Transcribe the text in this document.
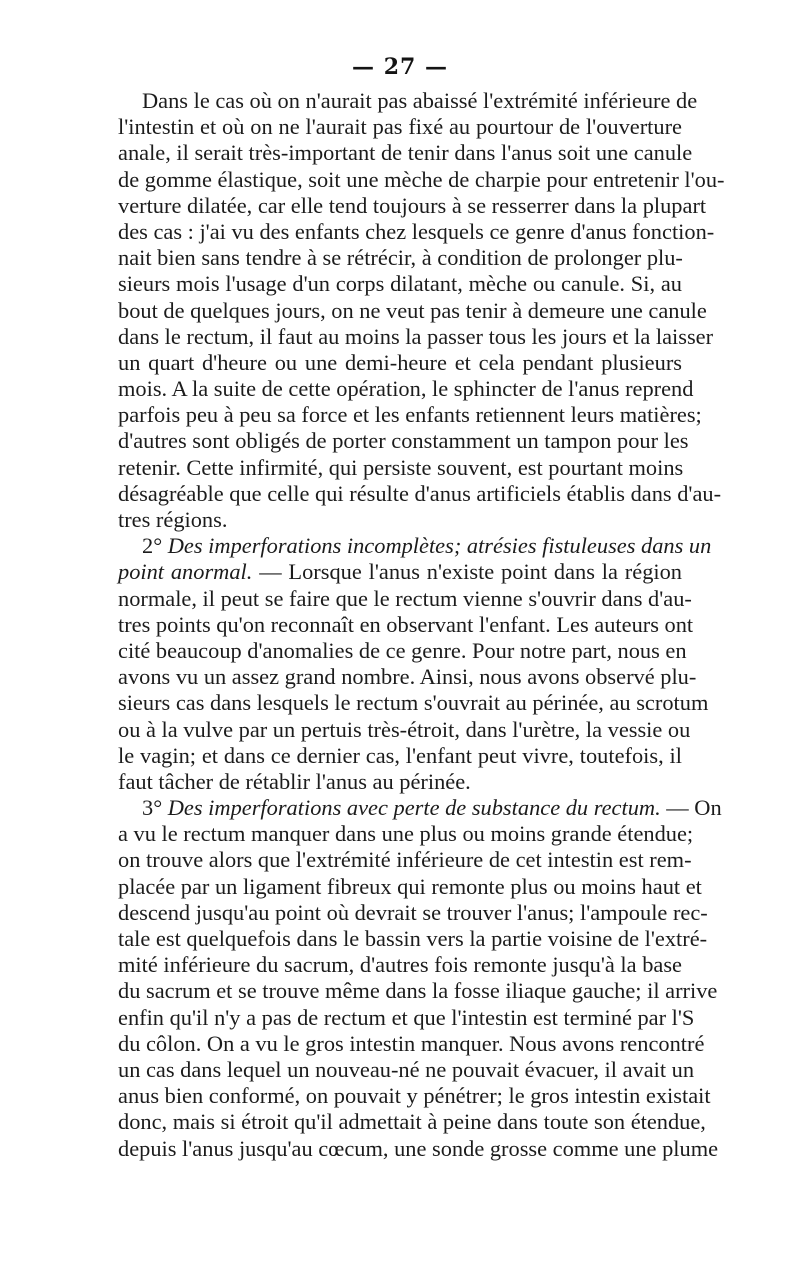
— 27 —
Dans le cas où on n'aurait pas abaissé l'extrémité inférieure de
l'intestin et où on ne l'aurait pas fixé au pourtour de l'ouverture
anale, il serait très-important de tenir dans l'anus soit une canule
de gomme élastique, soit une mèche de charpie pour entretenir l'ou-
verture dilatée, car elle tend toujours à se resserrer dans la plupart
des cas : j'ai vu des enfants chez lesquels ce genre d'anus fonction-
nait bien sans tendre à se rétrécir, à condition de prolonger plu-
sieurs mois l'usage d'un corps dilatant, mèche ou canule. Si, au
bout de quelques jours, on ne veut pas tenir à demeure une canule
dans le rectum, il faut au moins la passer tous les jours et la laisser
un quart d'heure ou une demi-heure et cela pendant plusieurs
mois. A la suite de cette opération, le sphincter de l'anus reprend
parfois peu à peu sa force et les enfants retiennent leurs matières;
d'autres sont obligés de porter constamment un tampon pour les
retenir. Cette infirmité, qui persiste souvent, est pourtant moins
désagréable que celle qui résulte d'anus artificiels établis dans d'au-
tres régions.
2° Des imperforations incomplètes; atrésies fistuleuses dans un
point anormal. — Lorsque l'anus n'existe point dans la région
normale, il peut se faire que le rectum vienne s'ouvrir dans d'au-
tres points qu'on reconnaît en observant l'enfant. Les auteurs ont
cité beaucoup d'anomalies de ce genre. Pour notre part, nous en
avons vu un assez grand nombre. Ainsi, nous avons observé plu-
sieurs cas dans lesquels le rectum s'ouvrait au périnée, au scrotum
ou à la vulve par un pertuis très-étroit, dans l'urètre, la vessie ou
le vagin; et dans ce dernier cas, l'enfant peut vivre, toutefois, il
faut tâcher de rétablir l'anus au périnée.
3° Des imperforations avec perte de substance du rectum. — On
a vu le rectum manquer dans une plus ou moins grande étendue;
on trouve alors que l'extrémité inférieure de cet intestin est rem-
placée par un ligament fibreux qui remonte plus ou moins haut et
descend jusqu'au point où devrait se trouver l'anus; l'ampoule rec-
tale est quelquefois dans le bassin vers la partie voisine de l'extré-
mité inférieure du sacrum, d'autres fois remonte jusqu'à la base
du sacrum et se trouve même dans la fosse iliaque gauche; il arrive
enfin qu'il n'y a pas de rectum et que l'intestin est terminé par l'S
du côlon. On a vu le gros intestin manquer. Nous avons rencontré
un cas dans lequel un nouveau-né ne pouvait évacuer, il avait un
anus bien conformé, on pouvait y pénétrer; le gros intestin existait
donc, mais si étroit qu'il admettait à peine dans toute son étendue,
depuis l'anus jusqu'au cœcum, une sonde grosse comme une plume
